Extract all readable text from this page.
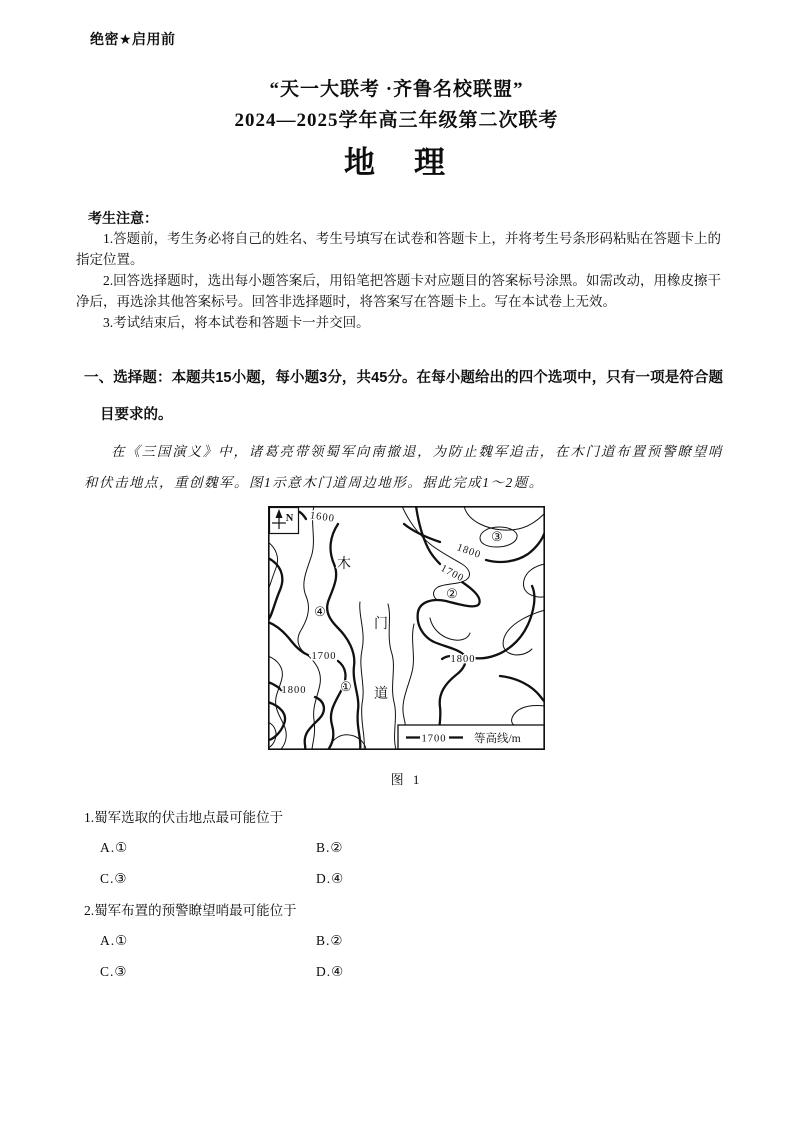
绝密★启用前
“天一大联考 ·齐鲁名校联盟”
2024—2025学年高三年级第二次联考
地　理
考生注意：

1.答题前，考生务必将自己的姓名、考生号填写在试卷和答题卡上，并将考生号条形码粘贴在答题卡上的指定位置。

2.回答选择题时，选出每小题答案后，用铅笔把答题卡对应题目的答案标号涂黑。如需改动，用橡皮擦干净后，再选涂其他答案标号。回答非选择题时，将答案写在答题卡上。写在本试卷上无效。

3.考试结束后，将本试卷和答题卡一并交回。

一、选择题：本题共15小题，每小题3分，共45分。在每小题给出的四个选项中，只有一项是符合题目要求的。

在《三国演义》中，诸葛亮带领蜀军向南撤退，为防止魏军追击，在木门道布置预警瞭望哨和伏击地点，重创魏军。图1示意木门道周边地形。据此完成1～2题。

N 1600
1800
1700
1700
1800
1800
木
门
道
①
②
③
④
1700 等高线/m
图 1

1.蜀军选取的伏击地点最可能位于

A.①	B.②
C.③	D.④

2.蜀军布置的预警瞭望哨最可能位于

A.①	B.②
C.③	D.④
